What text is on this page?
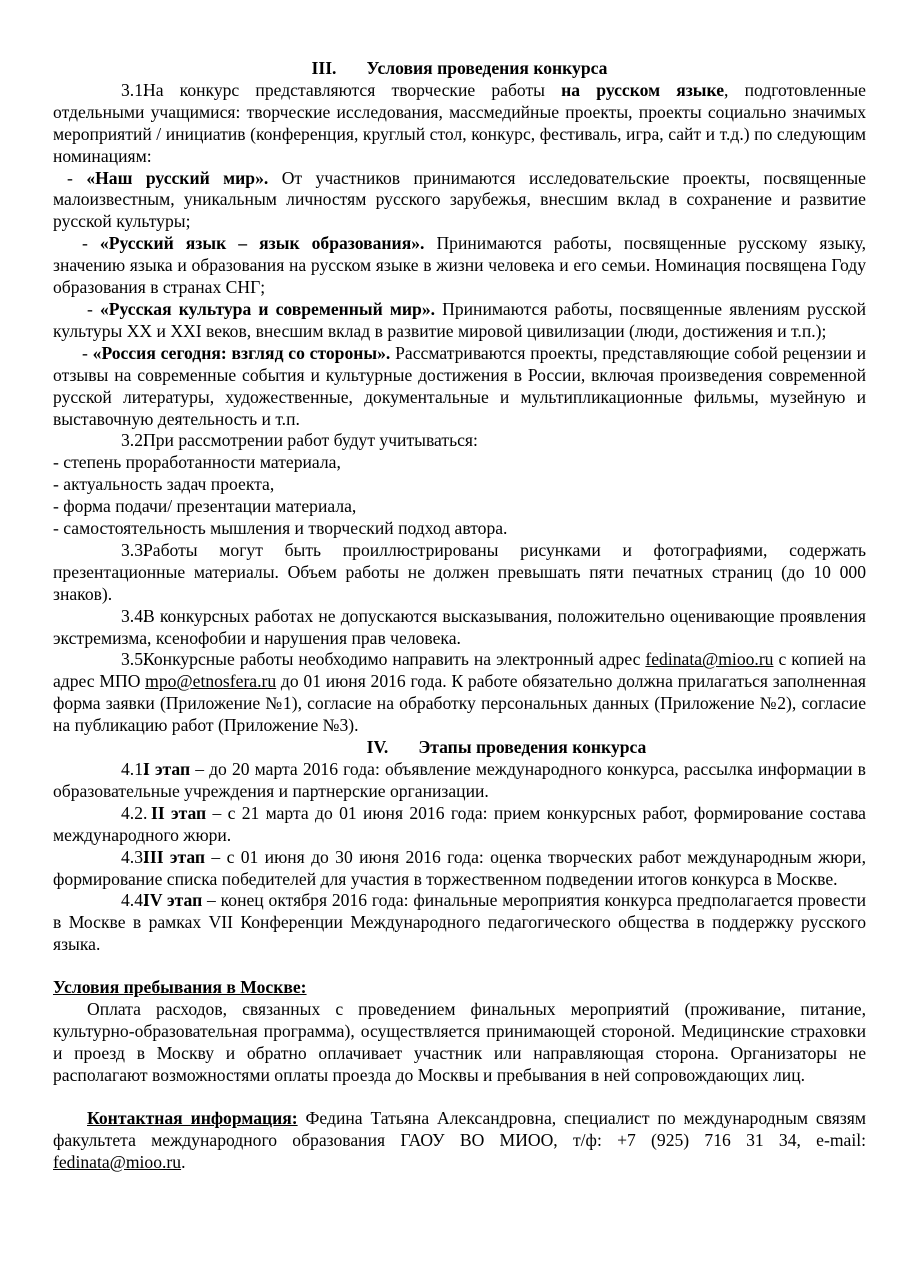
III. Условия проведения конкурса

3.1.На конкурс представляются творческие работы на русском языке, подготовленные отдельными учащимися: творческие исследования, массмедийные проекты, проекты социально значимых мероприятий / инициатив (конференция, круглый стол, конкурс, фестиваль, игра, сайт и т.д.) по следующим номинациям:

- «Наш русский мир». От участников принимаются исследовательские проекты, посвященные малоизвестным, уникальным личностям русского зарубежья, внесшим вклад в сохранение и развитие русской культуры;

- «Русский язык – язык образования». Принимаются работы, посвященные русскому языку, значению языка и образования на русском языке в жизни человека и его семьи. Номинация посвящена Году образования в странах СНГ;

- «Русская культура и современный мир». Принимаются работы, посвященные явлениям русской культуры XX и XXI веков, внесшим вклад в развитие мировой цивилизации (люди, достижения и т.п.);

- «Россия сегодня: взгляд со стороны». Рассматриваются проекты, представляющие собой рецензии и отзывы на современные события и культурные достижения в России, включая произведения современной русской литературы, художественные, документальные и мультипликационные фильмы, музейную и выставочную деятельность и т.п.

3.2.При рассмотрении работ будут учитываться:

- степень проработанности материала,

- актуальность задач проекта,

- форма подачи/ презентации материала,

- самостоятельность мышления и творческий подход автора.

3.3.Работы могут быть проиллюстрированы рисунками и фотографиями, содержать презентационные материалы. Объем работы не должен превышать пяти печатных страниц (до 10 000 знаков).

3.4.В конкурсных работах не допускаются высказывания, положительно оценивающие проявления экстремизма, ксенофобии и нарушения прав человека.

3.5.Конкурсные работы необходимо направить на электронный адрес fedinata@mioo.ru с копией на адрес МПО mpo@etnosfera.ru до 01 июня 2016 года. К работе обязательно должна прилагаться заполненная форма заявки (Приложение №1), согласие на обработку персональных данных (Приложение №2), согласие на публикацию работ (Приложение №3).

IV. Этапы проведения конкурса

4.1.I этап – до 20 марта 2016 года: объявление международного конкурса, рассылка информации в образовательные учреждения и партнерские организации.

4.2. II этап – с 21 марта до 01 июня 2016 года: прием конкурсных работ, формирование состава международного жюри.

4.3.III этап – с 01 июня до 30 июня 2016 года: оценка творческих работ международным жюри, формирование списка победителей для участия в торжественном подведении итогов конкурса в Москве.

4.4.IV этап – конец октября 2016 года: финальные мероприятия конкурса предполагается провести в Москве в рамках VII Конференции Международного педагогического общества в поддержку русского языка.

Условия пребывания в Москве:

Оплата расходов, связанных с проведением финальных мероприятий (проживание, питание, культурно-образовательная программа), осуществляется принимающей стороной. Медицинские страховки и проезд в Москву и обратно оплачивает участник или направляющая сторона. Организаторы не располагают возможностями оплаты проезда до Москвы и пребывания в ней сопровождающих лиц.

Контактная информация: Федина Татьяна Александровна, специалист по международным связям факультета международного образования ГАОУ ВО МИОО, т/ф: +7 (925) 716 31 34, e-mail: fedinata@mioo.ru.
